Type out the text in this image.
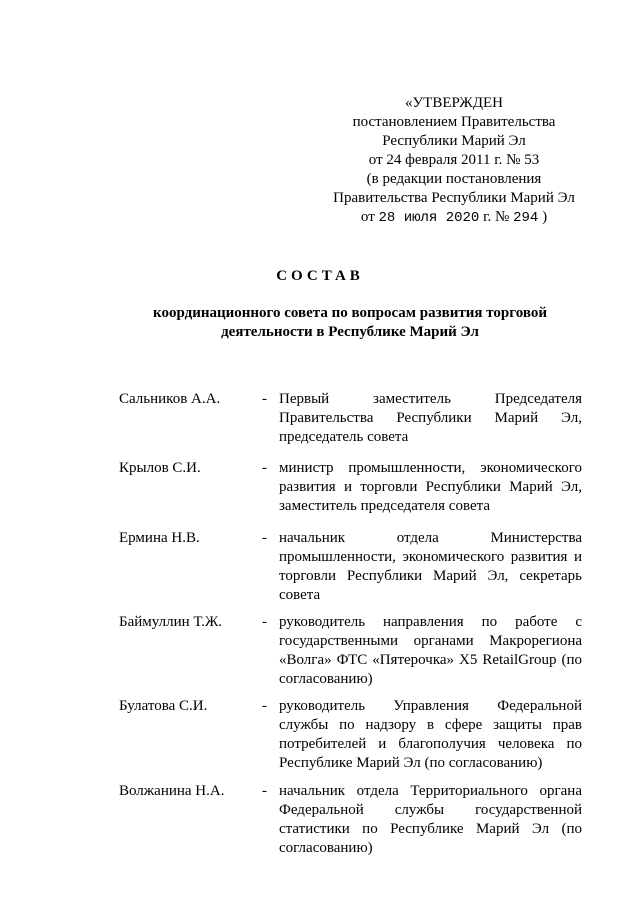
«УТВЕРЖДЕН
постановлением Правительства
Республики Марий Эл
от 24 февраля 2011 г. № 53
(в редакции постановления
Правительства Республики Марий Эл
от 28 июля 2020 г. № 294 )
СОСТАВ
координационного совета по вопросам развития торговой
деятельности в Республике Марий Эл
Сальников А.А.	- Первый заместитель Председателя Правительства Республики Марий Эл, председатель совета
Крылов С.И.	- министр промышленности, экономического развития и торговли Республики Марий Эл, заместитель председателя совета
Ермина Н.В.	- начальник отдела Министерства промышленности, экономического развития и торговли Республики Марий Эл, секретарь совета
Баймуллин Т.Ж.	- руководитель направления по работе с государственными органами Макрорегиона «Волга» ФТС «Пятерочка» X5 RetailGroup (по согласованию)
Булатова С.И.	- руководитель Управления Федеральной службы по надзору в сфере защиты прав потребителей и благополучия человека по Республике Марий Эл (по согласованию)
Волжанина Н.А.	- начальник отдела Территориального органа Федеральной службы государственной статистики по Республике Марий Эл (по согласованию)
